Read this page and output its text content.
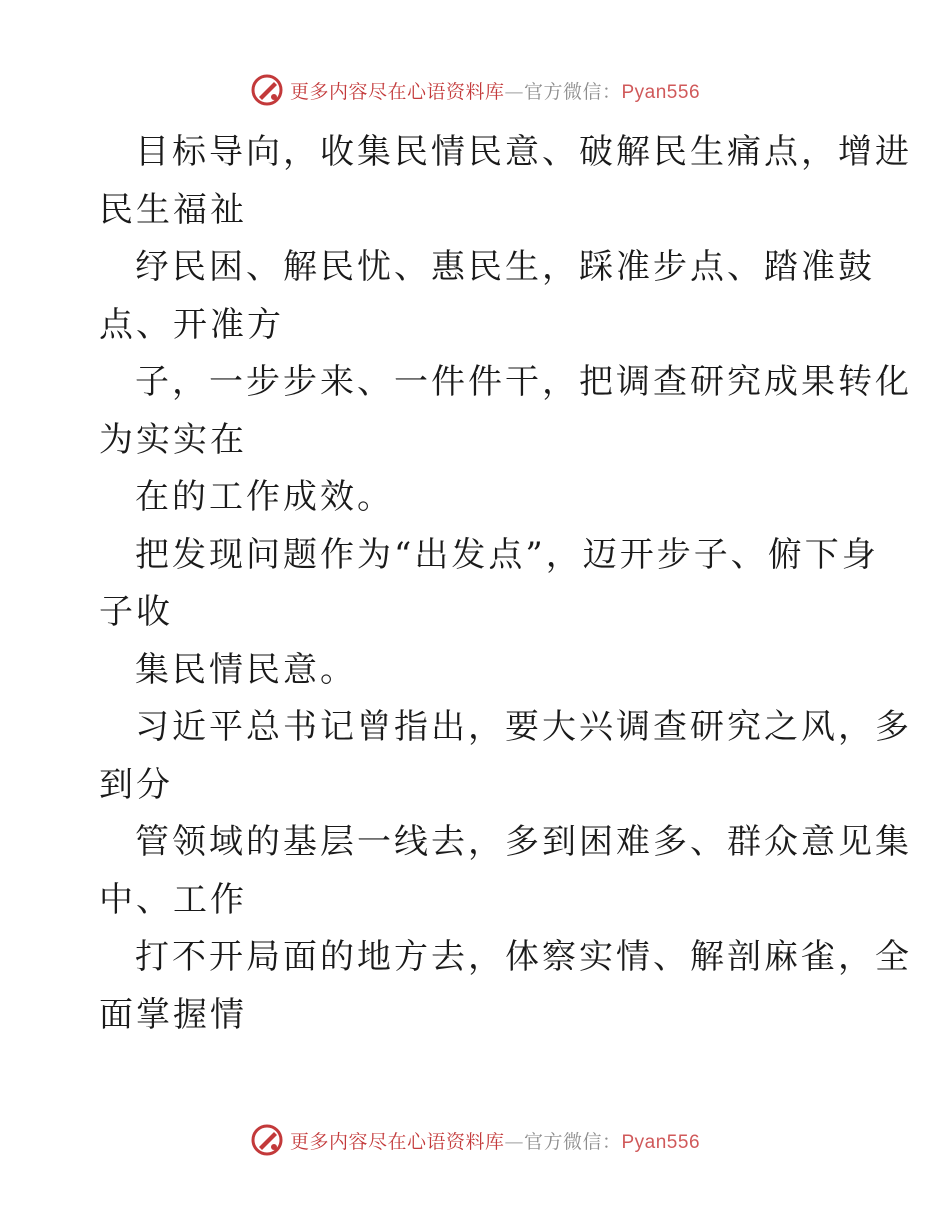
更多内容尽在心语资料库—官方微信：Pyan556
目标导向，收集民情民意、破解民生痛点，增进
民生福祉
纾民困、解民忧、惠民生，踩准步点、踏准鼓
点、开准方
子，一步步来、一件件干，把调查研究成果转化
为实实在
在的工作成效。
把发现问题作为“出发点”，迈开步子、俯下身
子收
集民情民意。
习近平总书记曾指出，要大兴调查研究之风，多
到分
管领域的基层一线去，多到困难多、群众意见集
中、工作
打不开局面的地方去，体察实情、解剖麻雀，全
面掌握情
更多内容尽在心语资料库—官方微信：Pyan556
